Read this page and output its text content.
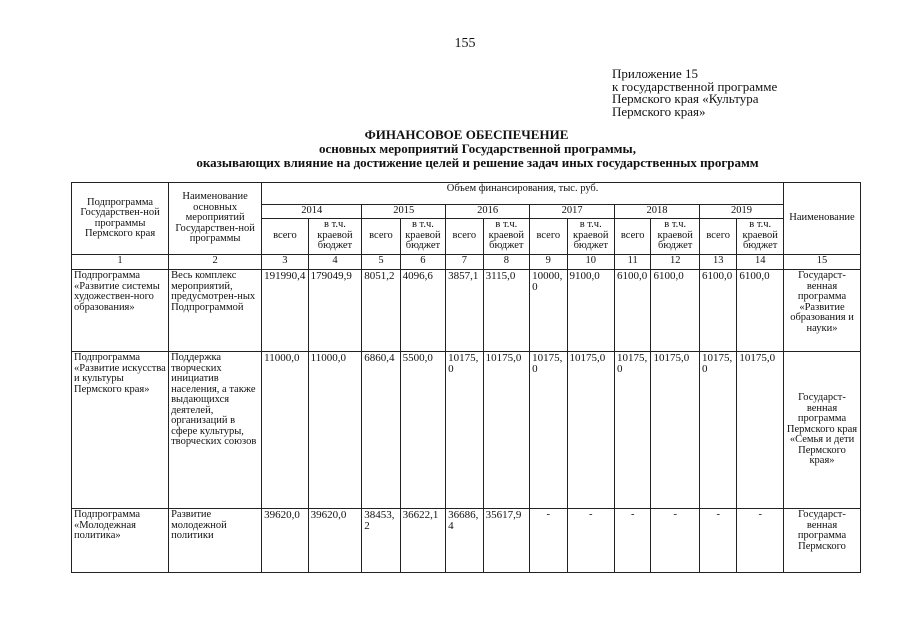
155
Приложение 15
к государственной программе
Пермского края «Культура
Пермского края»
ФИНАНСОВОЕ ОБЕСПЕЧЕНИЕ
основных мероприятий Государственной программы,
оказывающих влияние на достижение целей и решение задач иных государственных программ
Подпрограмма Государствен-ной программы Пермского края	Наименование основных мероприятий Государствен-ной программы	Объем финансирования, тыс. руб.												Наименование
		2014		2015		2016		2017		2018		2019		
		всего	в т.ч. краевой бюджет	всего	в т.ч. краевой бюджет	всего	в т.ч. краевой бюджет	всего	в т.ч. краевой бюджет	всего	в т.ч. краевой бюджет	всего	в т.ч. краевой бюджет	
1	2	3	4	5	6	7	8	9	10	11	12	13	14	15
Подпрограмма «Развитие системы художествен-ного образования»	Весь комплекс мероприятий, предусмотрен-ных Подпрограммой	191990,4	179049,9	8051,2	4096,6	3857,1	3115,0	10000,0	9100,0	6100,0	6100,0	6100,0	6100,0	Государст-венная программа «Развитие образования и науки»
Подпрограмма «Развитие искусства и культуры Пермского края»	Поддержка творческих инициатив населения, а также выдающихся деятелей, организаций в сфере культуры, творческих союзов	11000,0	11000,0	6860,4	5500,0	10175,0	10175,0	10175,0	10175,0	10175,0	10175,0	10175,0	10175,0	Государст-венная программа Пермского края «Семья и дети Пермского края»
Подпрограмма «Молодежная политика»	Развитие молодежной политики	39620,0	39620,0	38453,2	36622,1	36686,4	35617,9	-	-	-	-	-	-	Государст-венная программа Пермского
